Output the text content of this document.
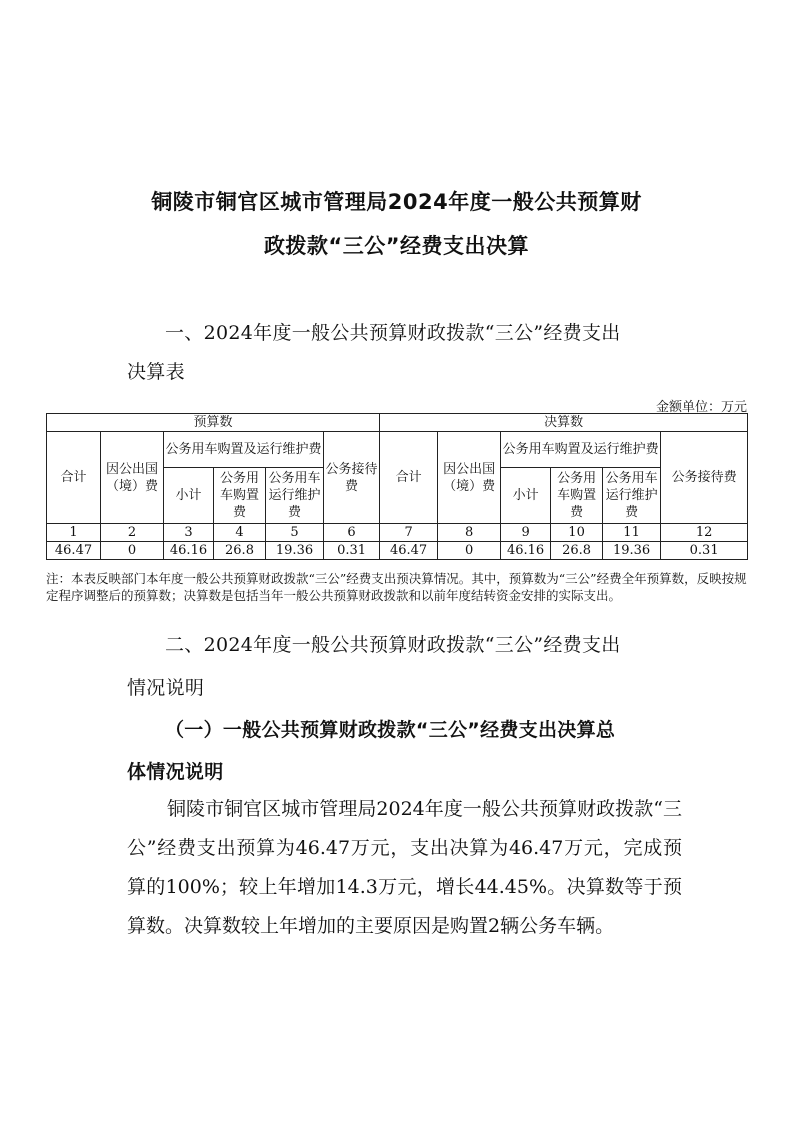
铜陵市铜官区城市管理局2024年度一般公共预算财
政拨款“三公”经费支出决算
一、2024年度一般公共预算财政拨款“三公”经费支出
决算表
金额单位：万元
预算数						决算数					
合计	因公出国（境）费	公务用车购置及运行维护费			公务接待费	合计	因公出国（境）费	公务用车购置及运行维护费			公务接待费
		小计	公务用车购置费	公务用车运行维护费				小计	公务用车购置费	公务用车运行维护费	
1	2	3	4	5	6	7	8	9	10	11	12
46.47	0	46.16	26.8	19.36	0.31	46.47	0	46.16	26.8	19.36	0.31
注：本表反映部门本年度一般公共预算财政拨款“三公”经费支出预决算情况。其中，预算数为“三公”经费全年预算数，反映按规定程序调整后的预算数；决算数是包括当年一般公共预算财政拨款和以前年度结转资金安排的实际支出。
二、2024年度一般公共预算财政拨款“三公”经费支出
情况说明
（一）一般公共预算财政拨款“三公”经费支出决算总
体情况说明
铜陵市铜官区城市管理局2024年度一般公共预算财政拨款“三公”经费支出预算为46.47万元，支出决算为46.47万元，完成预算的100%；较上年增加14.3万元，增长44.45%。决算数等于预算数。决算数较上年增加的主要原因是购置2辆公务车辆。
